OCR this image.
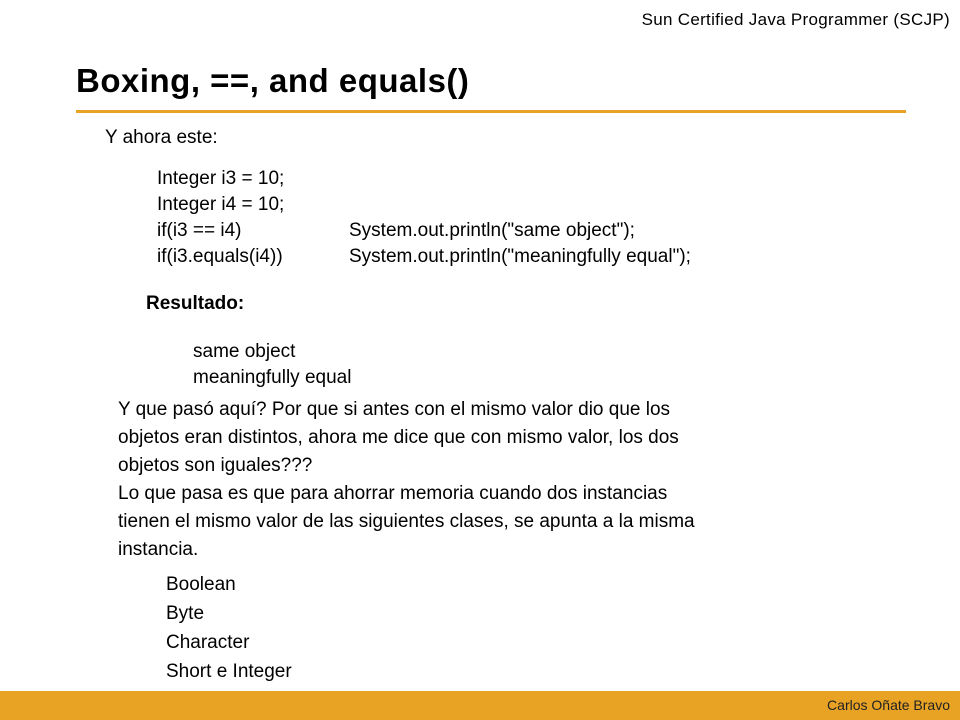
Sun Certified Java Programmer (SCJP)
Boxing, ==, and equals()
Y ahora este:
Integer i3 = 10;
Integer i4 = 10;
if(i3 == i4)	System.out.println("same object");
if(i3.equals(i4))	System.out.println("meaningfully equal");
Resultado:
same object
meaningfully equal
Y que pasó aquí? Por que si antes con el mismo valor dio que los
objetos eran distintos, ahora me dice que con mismo valor, los dos
objetos son iguales???
Lo que pasa es que para ahorrar memoria cuando dos instancias
tienen el mismo valor de las siguientes clases, se apunta a la misma
instancia.
Boolean
Byte
Character
Short e Integer
Carlos Oñate Bravo
